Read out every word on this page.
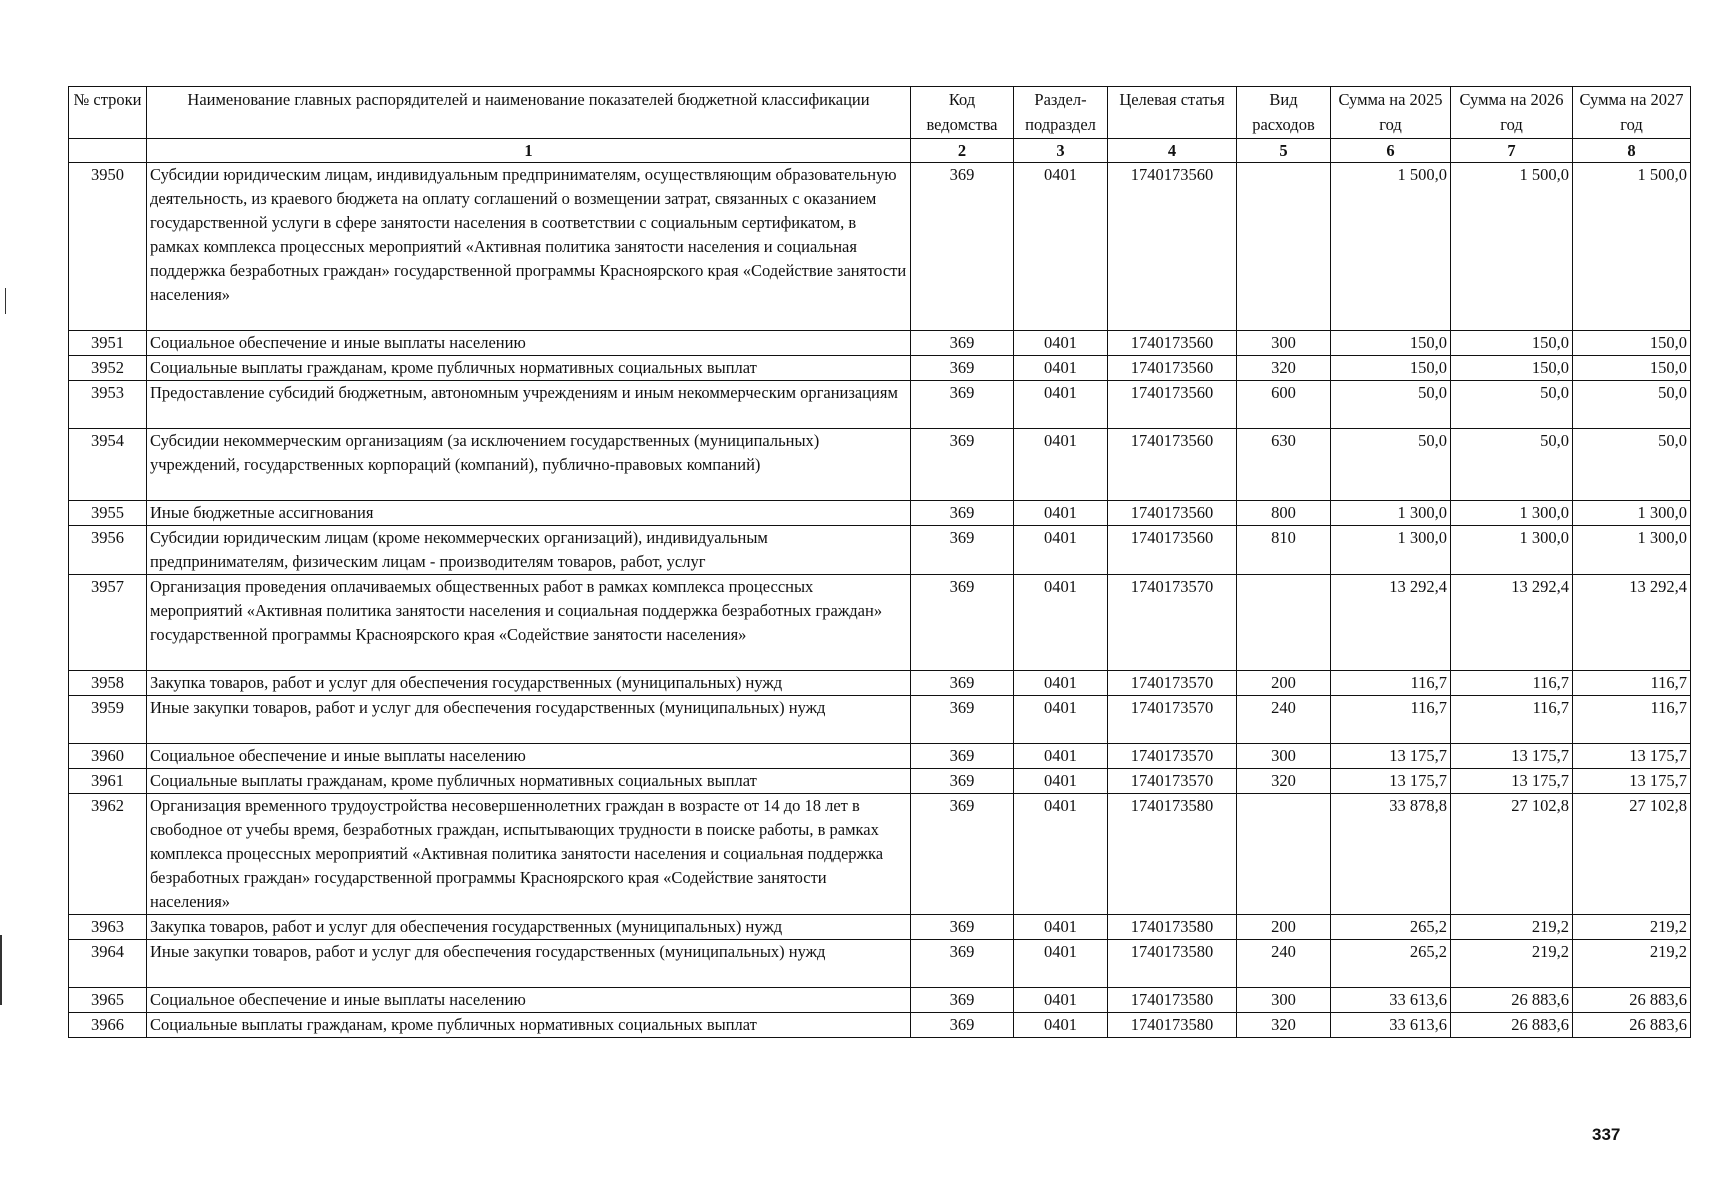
№ строки	Наименование главных распорядителей и наименование показателей бюджетной классификации	Код ведомства	Раздел-подраздел	Целевая статья	Вид расходов	Сумма на 2025 год	Сумма на 2026 год	Сумма на 2027 год
	1	2	3	4	5	6	7	8
3950	Субсидии юридическим лицам, индивидуальным предпринимателям, осуществляющим образовательную деятельность, из краевого бюджета на оплату соглашений о возмещении затрат, связанных с оказанием государственной услуги в сфере занятости населения в соответствии с социальным сертификатом, в рамках комплекса процессных мероприятий «Активная политика занятости населения и социальная поддержка безработных граждан» государственной программы Красноярского края «Содействие занятости населения»	369	0401	1740173560		1 500,0	1 500,0	1 500,0
3951	Социальное обеспечение и иные выплаты населению	369	0401	1740173560	300	150,0	150,0	150,0
3952	Социальные выплаты гражданам, кроме публичных нормативных социальных выплат	369	0401	1740173560	320	150,0	150,0	150,0
3953	Предоставление субсидий бюджетным, автономным учреждениям и иным некоммерческим организациям	369	0401	1740173560	600	50,0	50,0	50,0
3954	Субсидии некоммерческим организациям (за исключением государственных (муниципальных) учреждений, государственных корпораций (компаний), публично-правовых компаний)	369	0401	1740173560	630	50,0	50,0	50,0
3955	Иные бюджетные ассигнования	369	0401	1740173560	800	1 300,0	1 300,0	1 300,0
3956	Субсидии юридическим лицам (кроме некоммерческих организаций), индивидуальным предпринимателям, физическим лицам - производителям товаров, работ, услуг	369	0401	1740173560	810	1 300,0	1 300,0	1 300,0
3957	Организация проведения оплачиваемых общественных работ в рамках комплекса процессных мероприятий «Активная политика занятости населения и социальная поддержка безработных граждан» государственной программы Красноярского края «Содействие занятости населения»	369	0401	1740173570		13 292,4	13 292,4	13 292,4
3958	Закупка товаров, работ и услуг для обеспечения государственных (муниципальных) нужд	369	0401	1740173570	200	116,7	116,7	116,7
3959	Иные закупки товаров, работ и услуг для обеспечения государственных (муниципальных) нужд	369	0401	1740173570	240	116,7	116,7	116,7
3960	Социальное обеспечение и иные выплаты населению	369	0401	1740173570	300	13 175,7	13 175,7	13 175,7
3961	Социальные выплаты гражданам, кроме публичных нормативных социальных выплат	369	0401	1740173570	320	13 175,7	13 175,7	13 175,7
3962	Организация временного трудоустройства несовершеннолетних граждан в возрасте от 14 до 18 лет в свободное от учебы время, безработных граждан, испытывающих трудности в поиске работы, в рамках комплекса процессных мероприятий «Активная политика занятости населения и социальная поддержка безработных граждан» государственной программы Красноярского края «Содействие занятости населения»	369	0401	1740173580		33 878,8	27 102,8	27 102,8
3963	Закупка товаров, работ и услуг для обеспечения государственных (муниципальных) нужд	369	0401	1740173580	200	265,2	219,2	219,2
3964	Иные закупки товаров, работ и услуг для обеспечения государственных (муниципальных) нужд	369	0401	1740173580	240	265,2	219,2	219,2
3965	Социальное обеспечение и иные выплаты населению	369	0401	1740173580	300	33 613,6	26 883,6	26 883,6
3966	Социальные выплаты гражданам, кроме публичных нормативных социальных выплат	369	0401	1740173580	320	33 613,6	26 883,6	26 883,6
337
